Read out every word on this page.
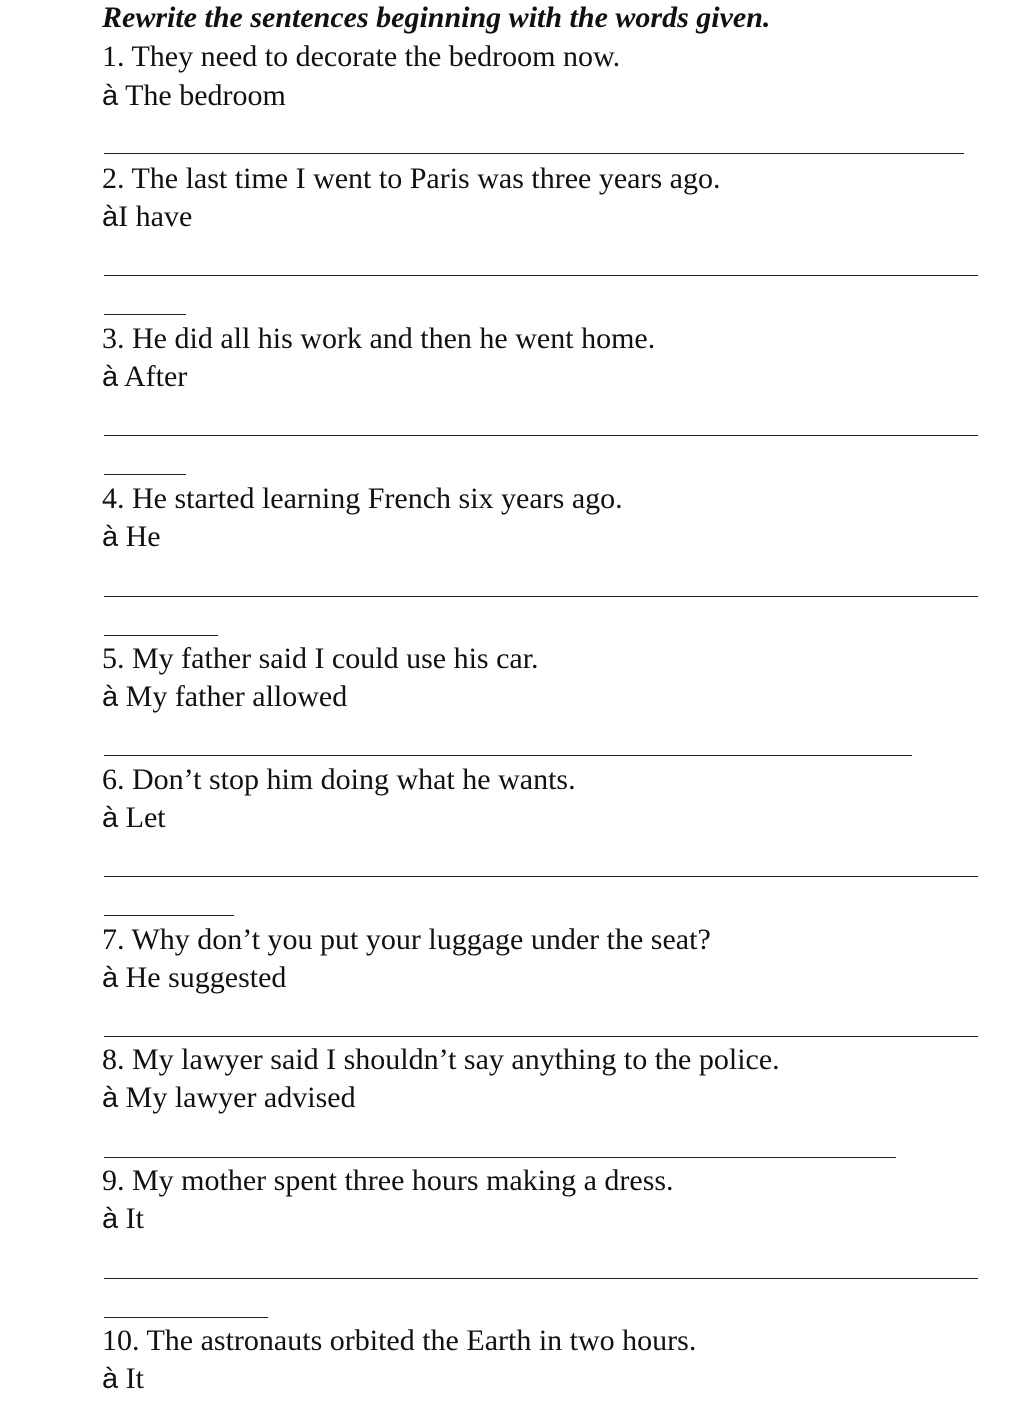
Rewrite the sentences beginning with the words given.
1. They need to decorate the bedroom now.
à The bedroom
2. The last time I went to Paris was three years ago.
àI have
3. He did all his work and then he went home.
à After
4. He started learning French six years ago.
à He
5. My father said I could use his car.
à My father allowed
6. Don’t stop him doing what he wants.
à Let
7. Why don’t you put your luggage under the seat?
à He suggested
8. My lawyer said I shouldn’t say anything to the police.
à My lawyer advised
9. My mother spent three hours making a dress.
à It
10. The astronauts orbited the Earth in two hours.
à It
